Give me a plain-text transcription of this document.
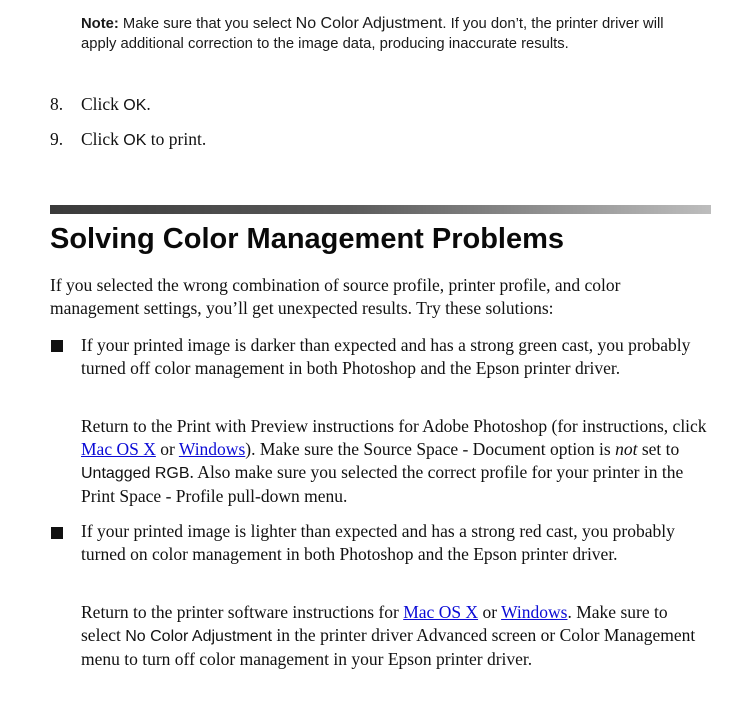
Note: Make sure that you select No Color Adjustment. If you don’t, the printer driver will apply additional correction to the image data, producing inaccurate results.
8. Click OK.
9. Click OK to print.
Solving Color Management Problems
If you selected the wrong combination of source profile, printer profile, and color management settings, you’ll get unexpected results. Try these solutions:
If your printed image is darker than expected and has a strong green cast, you probably turned off color management in both Photoshop and the Epson printer driver.
Return to the Print with Preview instructions for Adobe Photoshop (for instructions, click Mac OS X or Windows). Make sure the Source Space - Document option is not set to Untagged RGB. Also make sure you selected the correct profile for your printer in the Print Space - Profile pull-down menu.
If your printed image is lighter than expected and has a strong red cast, you probably turned on color management in both Photoshop and the Epson printer driver.
Return to the printer software instructions for Mac OS X or Windows. Make sure to select No Color Adjustment in the printer driver Advanced screen or Color Management menu to turn off color management in your Epson printer driver.
